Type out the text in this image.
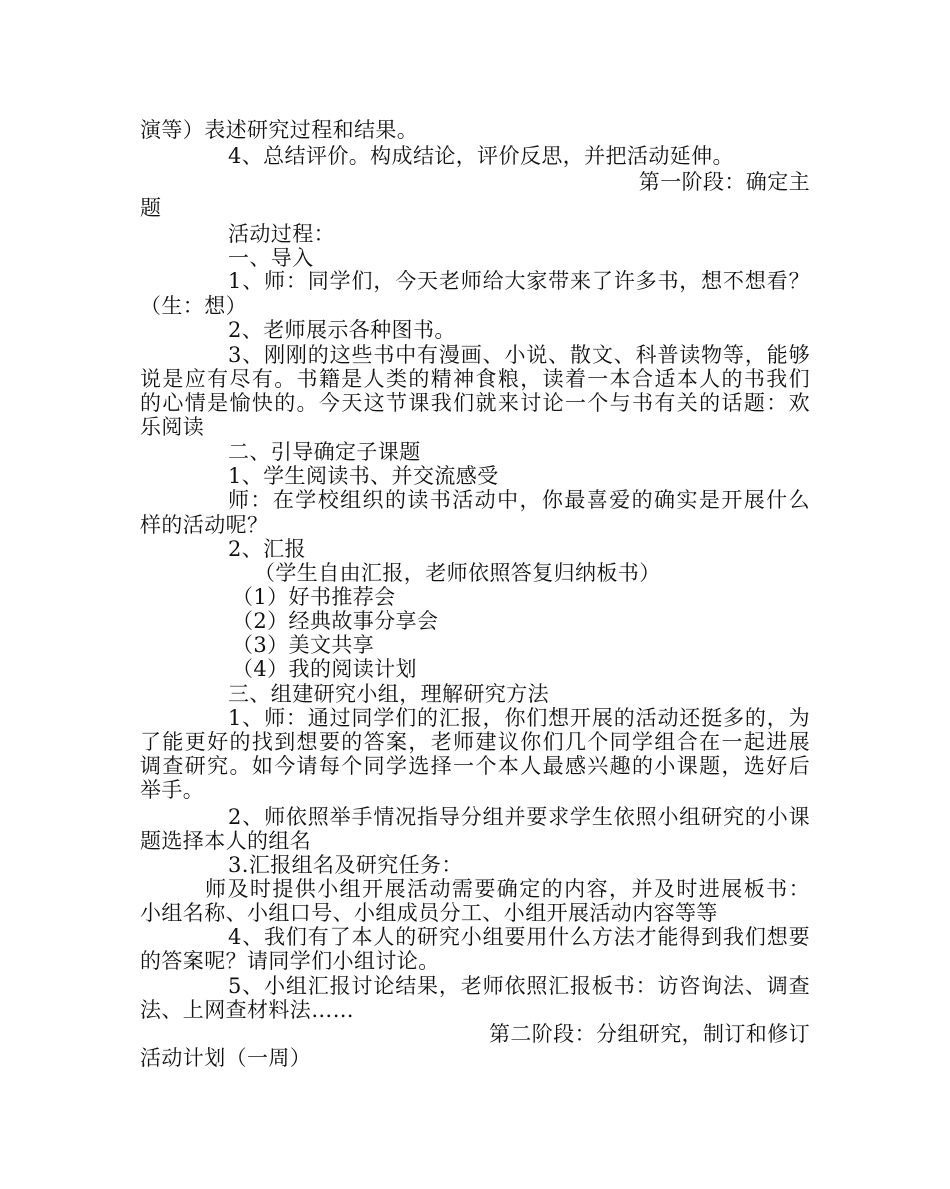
演等）表述研究过程和结果。
4、总结评价。构成结论，评价反思，并把活动延伸。
第一阶段：确定主
题
活动过程：
一、导入
1、师：同学们，今天老师给大家带来了许多书，想不想看？
（生：想）
2、老师展示各种图书。
3、刚刚的这些书中有漫画、小说、散文、科普读物等，能够
说是应有尽有。书籍是人类的精神食粮，读着一本合适本人的书我们
的心情是愉快的。今天这节课我们就来讨论一个与书有关的话题：欢
乐阅读
二、引导确定子课题
1、学生阅读书、并交流感受
师：在学校组织的读书活动中，你最喜爱的确实是开展什么
样的活动呢？
2、汇报
（学生自由汇报，老师依照答复归纳板书）
（1）好书推荐会
（2）经典故事分享会
（3）美文共享
（4）我的阅读计划
三、组建研究小组，理解研究方法
1、师：通过同学们的汇报，你们想开展的活动还挺多的，为
了能更好的找到想要的答案，老师建议你们几个同学组合在一起进展
调查研究。如今请每个同学选择一个本人最感兴趣的小课题，选好后
举手。
2、师依照举手情况指导分组并要求学生依照小组研究的小课
题选择本人的组名
3.汇报组名及研究任务：
师及时提供小组开展活动需要确定的内容，并及时进展板书：
小组名称、小组口号、小组成员分工、小组开展活动内容等等
4、我们有了本人的研究小组要用什么方法才能得到我们想要
的答案呢？请同学们小组讨论。
5、小组汇报讨论结果，老师依照汇报板书：访咨询法、调查
法、上网查材料法……
第二阶段：分组研究，制订和修订
活动计划（一周）
